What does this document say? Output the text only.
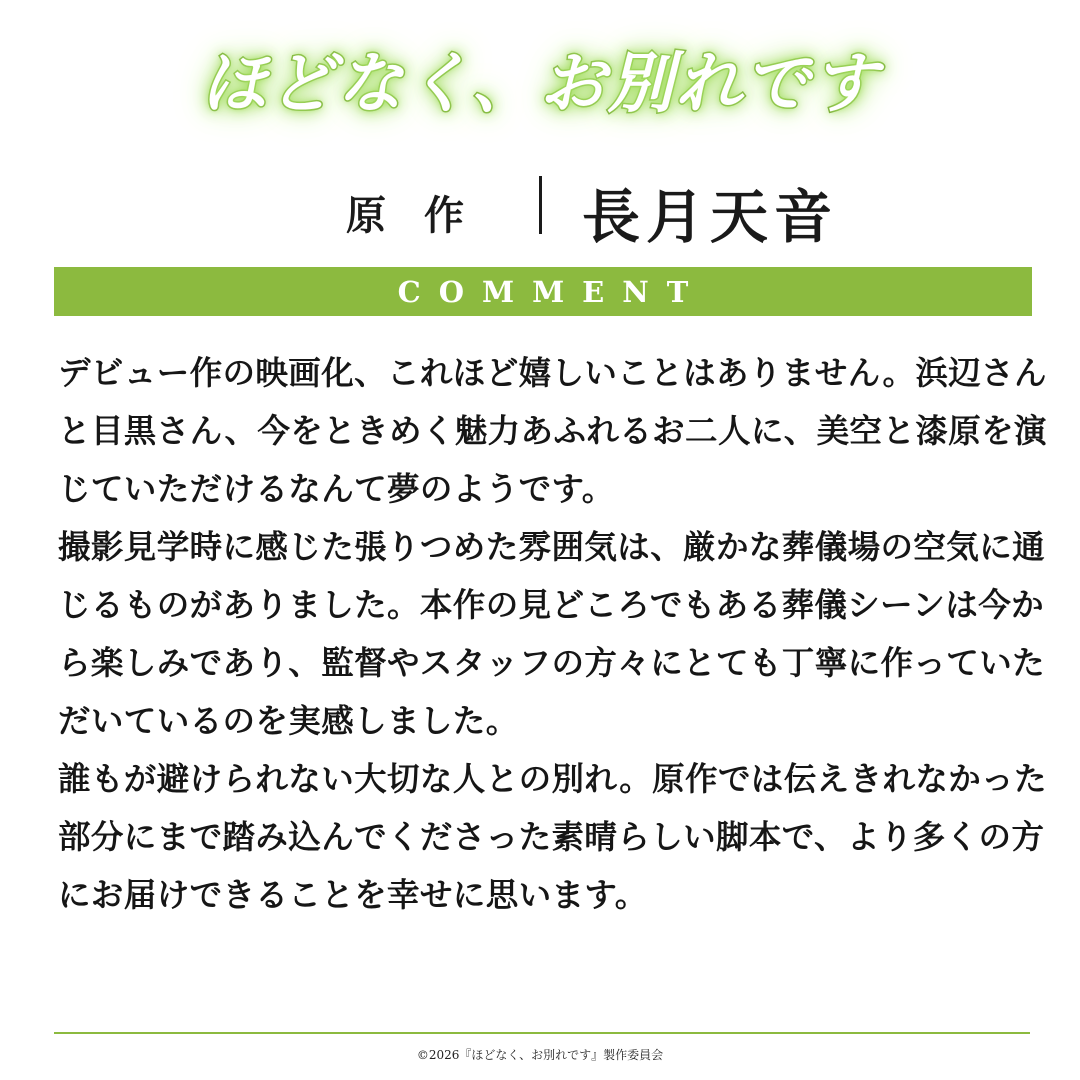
ほどなく、お別れです
原作 長月天音
COMMENT
デビュー作の映画化、これほど嬉しいことはありません。浜辺さん
と目黒さん、今をときめく魅力あふれるお二人に、美空と漆原を演
じていただけるなんて夢のようです。
撮影見学時に感じた張りつめた雰囲気は、厳かな葬儀場の空気に通
じるものがありました。本作の見どころでもある葬儀シーンは今か
ら楽しみであり、監督やスタッフの方々にとても丁寧に作っていた
だいているのを実感しました。
誰もが避けられない大切な人との別れ。原作では伝えきれなかった
部分にまで踏み込んでくださった素晴らしい脚本で、より多くの方
にお届けできることを幸せに思います。
©2026『ほどなく、お別れです』製作委員会
